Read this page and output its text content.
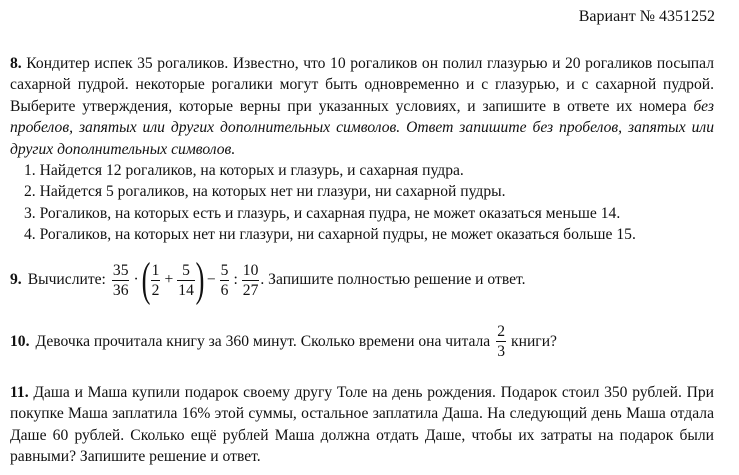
Вариант № 4351252
8. Кондитер испек 35 рогаликов. Известно, что 10 рогаликов он полил глазурью и 20 рогаликов посыпал сахарной пудрой. некоторые рогалики могут быть одновременно и с глазурью, и с сахарной пудрой. Выберите утверждения, которые верны при указанных условиях, и запишите в ответе их номера без пробелов, запятых или других дополнительных символов. Ответ запишите без пробелов, запятых или других дополнительных символов.
1. Найдется 12 рогаликов, на которых и глазурь, и сахарная пудра.
2. Найдется 5 рогаликов, на которых нет ни глазури, ни сахарной пудры.
3. Рогаликов, на которых есть и глазурь, и сахарная пудра, не может оказаться меньше 14.
4. Рогаликов, на которых нет ни глазури, ни сахарной пудры, не может оказаться больше 15.
9. Вычислите: $\frac{35}{36}$ · ( $\frac{1}{2} + \frac{5}{14}$ ) − $\frac{5}{6}$ : $\frac{10}{27}$ . Запишите полностью решение и ответ.
10. Девочка прочитала книгу за 360 минут. Сколько времени она читала $\frac{2}{3}$ книги?
11. Даша и Маша купили подарок своему другу Толе на день рождения. Подарок стоил 350 рублей. При покупке Маша заплатила 16% этой суммы, остальное заплатила Даша. На следующий день Маша отдала Даше 60 рублей. Сколько ещё рублей Маша должна отдать Даше, чтобы их затраты на подарок были равными? Запишите решение и ответ.
